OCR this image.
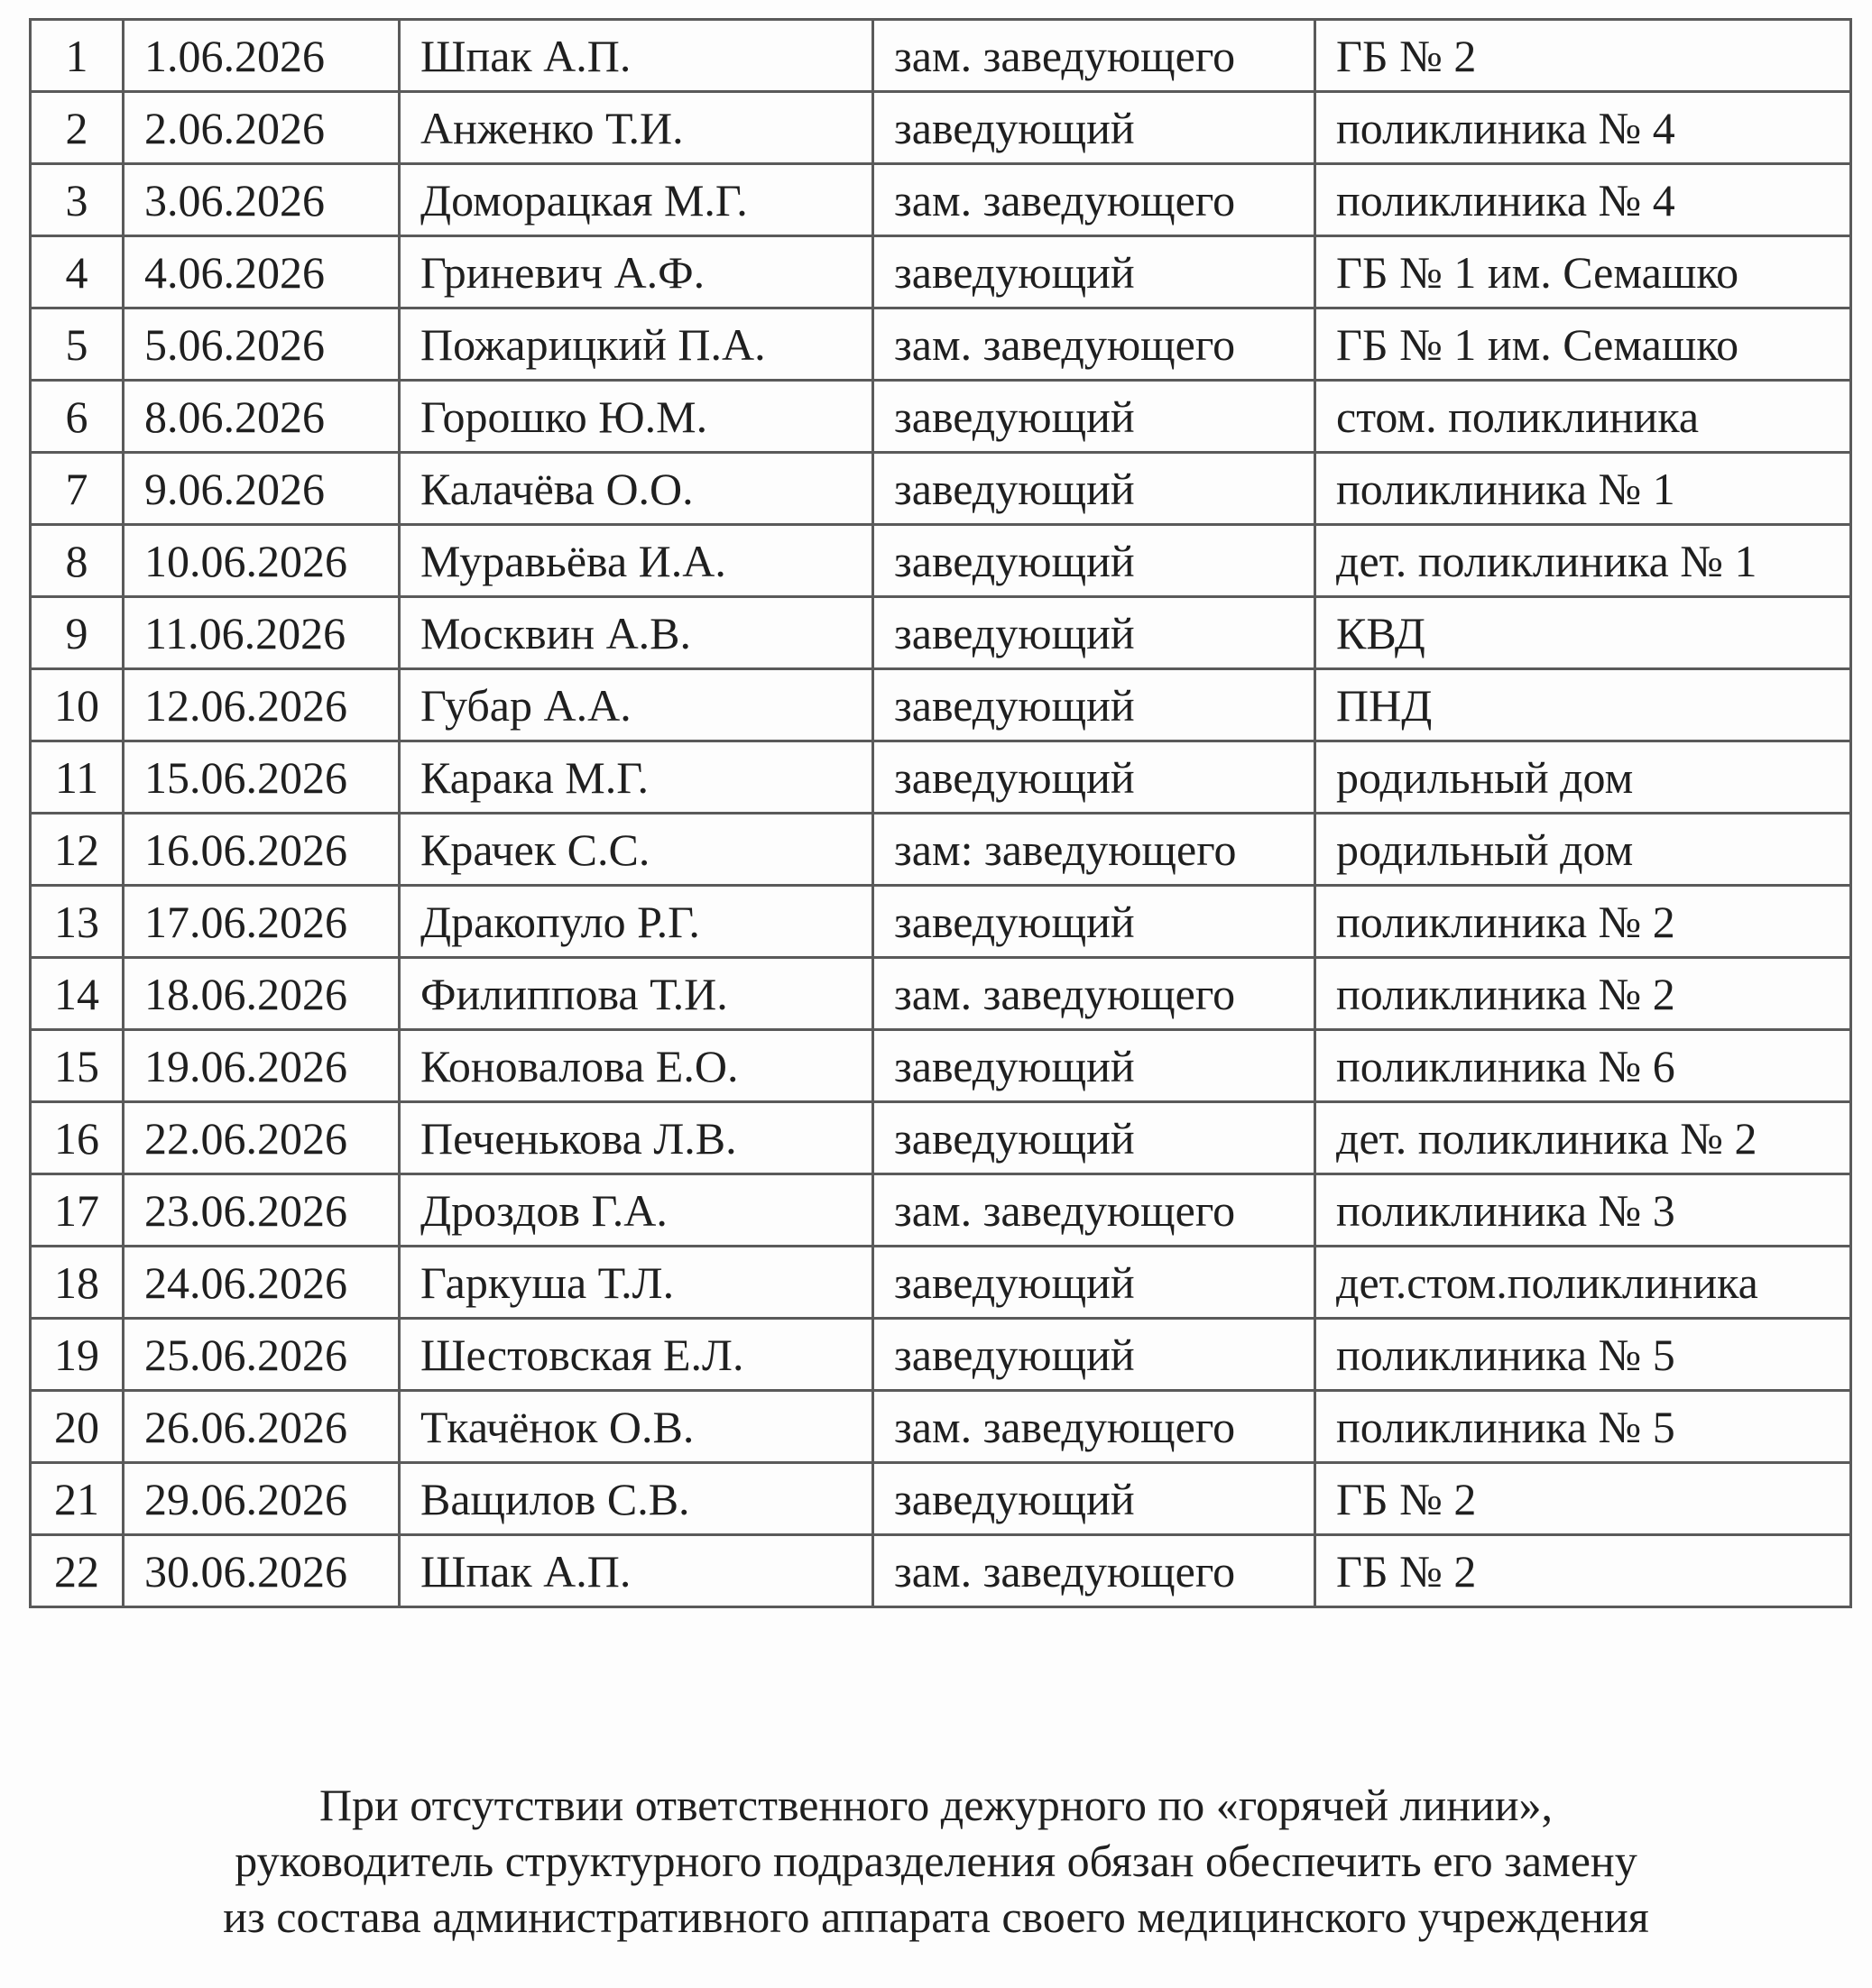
1	1.06.2026	Шпак А.П.	зам. заведующего	ГБ № 2
2	2.06.2026	Анженко Т.И.	заведующий	поликлиника № 4
3	3.06.2026	Доморацкая М.Г.	зам. заведующего	поликлиника № 4
4	4.06.2026	Гриневич А.Ф.	заведующий	ГБ № 1 им. Семашко
5	5.06.2026	Пожарицкий П.А.	зам. заведующего	ГБ № 1 им. Семашко
6	8.06.2026	Горошко Ю.М.	заведующий	стом. поликлиника
7	9.06.2026	Калачёва О.О.	заведующий	поликлиника № 1
8	10.06.2026	Муравьёва И.А.	заведующий	дет. поликлиника № 1
9	11.06.2026	Москвин А.В.	заведующий	КВД
10	12.06.2026	Губар А.А.	заведующий	ПНД
11	15.06.2026	Карака М.Г.	заведующий	родильный дом
12	16.06.2026	Крачек С.С.	зам: заведующего	родильный дом
13	17.06.2026	Дракопуло Р.Г.	заведующий	поликлиника № 2
14	18.06.2026	Филиппова Т.И.	зам. заведующего	поликлиника № 2
15	19.06.2026	Коновалова Е.О.	заведующий	поликлиника № 6
16	22.06.2026	Печенькова Л.В.	заведующий	дет. поликлиника № 2
17	23.06.2026	Дроздов Г.А.	зам. заведующего	поликлиника № 3
18	24.06.2026	Гаркуша Т.Л.	заведующий	дет.стом.поликлиника
19	25.06.2026	Шестовская Е.Л.	заведующий	поликлиника № 5
20	26.06.2026	Ткачёнок О.В.	зам. заведующего	поликлиника № 5
21	29.06.2026	Ващилов С.В.	заведующий	ГБ № 2
22	30.06.2026	Шпак А.П.	зам. заведующего	ГБ № 2

При отсутствии ответственного дежурного по «горячей линии»,

руководитель структурного подразделения обязан обеспечить его замену

из состава административного аппарата своего медицинского учреждения
